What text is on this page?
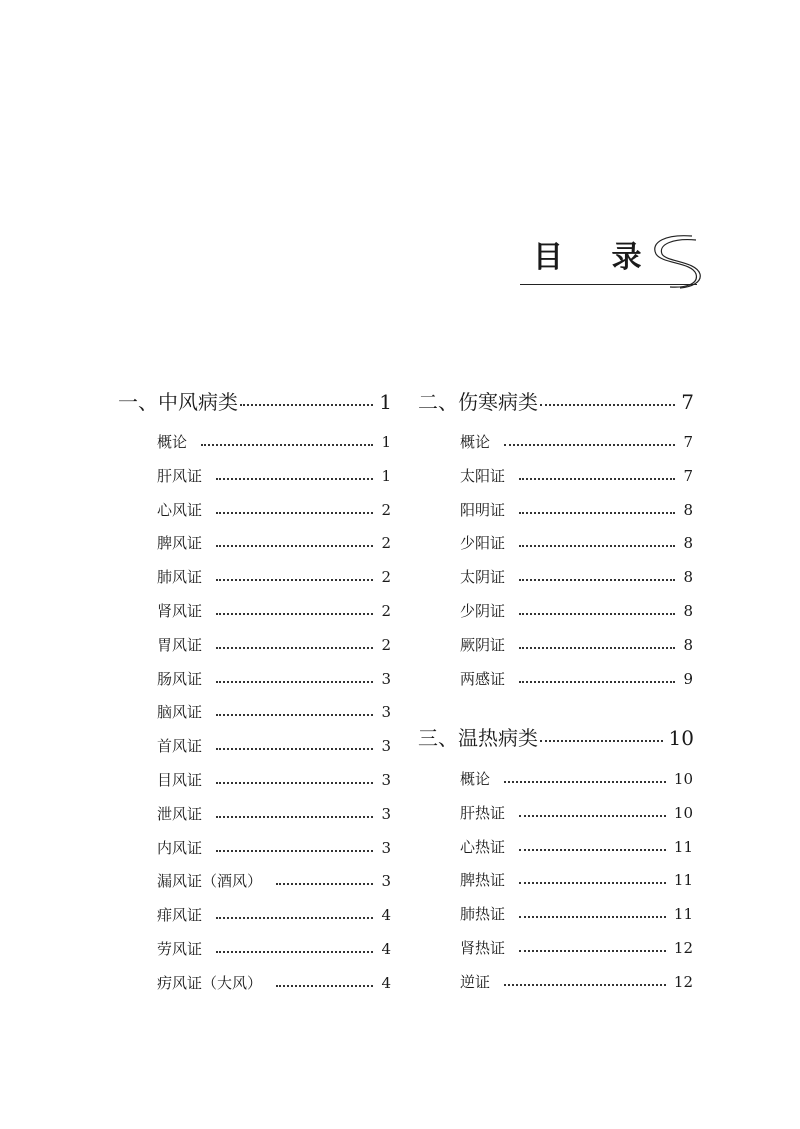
目 录
一、中风病类	1
概论	1
肝风证	1
心风证	2
脾风证	2
肺风证	2
肾风证	2
胃风证	2
肠风证	3
脑风证	3
首风证	3
目风证	3
泄风证	3
内风证	3
漏风证（酒风）	3
痱风证	4
劳风证	4
疠风证（大风）	4
二、伤寒病类	7
概论	7
太阳证	7
阳明证	8
少阳证	8
太阴证	8
少阴证	8
厥阴证	8
两感证	9
三、温热病类	10
概论	10
肝热证	10
心热证	11
脾热证	11
肺热证	11
肾热证	12
逆证	12
